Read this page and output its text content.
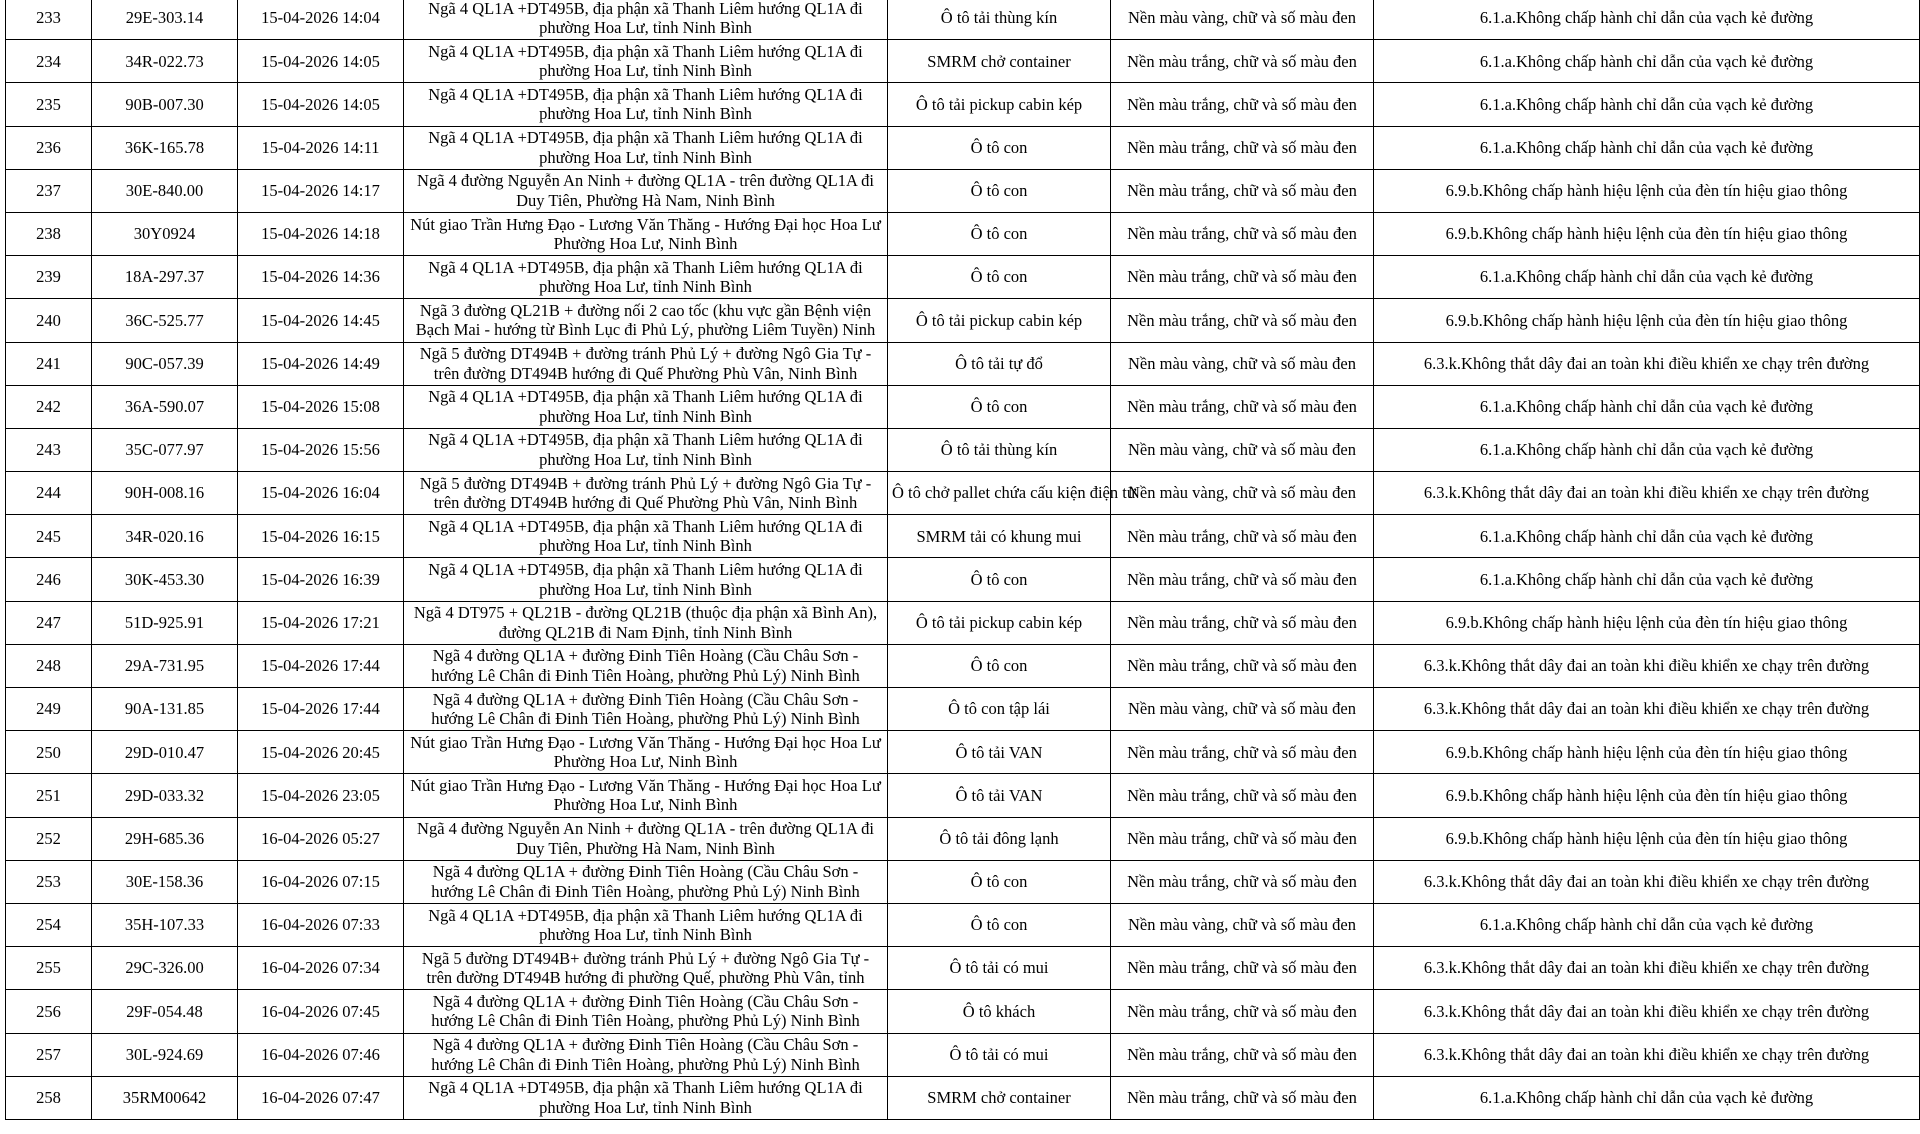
233	29E-303.14	15-04-2026 14:04	Ngã 4 QL1A +DT495B, địa phận xã Thanh Liêm hướng QL1A đi phường Hoa Lư, tỉnh Ninh Bình	Ô tô tải thùng kín	Nền màu vàng, chữ và số màu đen	6.1.a.Không chấp hành chỉ dẫn của vạch kẻ đường
234	34R-022.73	15-04-2026 14:05	Ngã 4 QL1A +DT495B, địa phận xã Thanh Liêm hướng QL1A đi phường Hoa Lư, tỉnh Ninh Bình	SMRM chở container	Nền màu trắng, chữ và số màu đen	6.1.a.Không chấp hành chỉ dẫn của vạch kẻ đường
235	90B-007.30	15-04-2026 14:05	Ngã 4 QL1A +DT495B, địa phận xã Thanh Liêm hướng QL1A đi phường Hoa Lư, tỉnh Ninh Bình	Ô tô tải pickup cabin kép	Nền màu trắng, chữ và số màu đen	6.1.a.Không chấp hành chỉ dẫn của vạch kẻ đường
236	36K-165.78	15-04-2026 14:11	Ngã 4 QL1A +DT495B, địa phận xã Thanh Liêm hướng QL1A đi phường Hoa Lư, tỉnh Ninh Bình	Ô tô con	Nền màu trắng, chữ và số màu đen	6.1.a.Không chấp hành chỉ dẫn của vạch kẻ đường
237	30E-840.00	15-04-2026 14:17	Ngã 4 đường Nguyễn An Ninh + đường QL1A - trên đường QL1A đi Duy Tiên, Phường Hà Nam, Ninh Bình	Ô tô con	Nền màu trắng, chữ và số màu đen	6.9.b.Không chấp hành hiệu lệnh của đèn tín hiệu giao thông
238	30Y0924	15-04-2026 14:18	Nút giao Trần Hưng Đạo - Lương Văn Thăng - Hướng Đại học Hoa Lư Phường Hoa Lư, Ninh Bình	Ô tô con	Nền màu trắng, chữ và số màu đen	6.9.b.Không chấp hành hiệu lệnh của đèn tín hiệu giao thông
239	18A-297.37	15-04-2026 14:36	Ngã 4 QL1A +DT495B, địa phận xã Thanh Liêm hướng QL1A đi phường Hoa Lư, tỉnh Ninh Bình	Ô tô con	Nền màu trắng, chữ và số màu đen	6.1.a.Không chấp hành chỉ dẫn của vạch kẻ đường
240	36C-525.77	15-04-2026 14:45	Ngã 3 đường QL21B + đường nối 2 cao tốc (khu vực gần Bệnh viện Bạch Mai - hướng từ Bình Lục đi Phủ Lý, phường Liêm Tuyền) Ninh	Ô tô tải pickup cabin kép	Nền màu trắng, chữ và số màu đen	6.9.b.Không chấp hành hiệu lệnh của đèn tín hiệu giao thông
241	90C-057.39	15-04-2026 14:49	Ngã 5 đường DT494B + đường tránh Phủ Lý + đường Ngô Gia Tự - trên đường DT494B hướng đi Quế Phường Phù Vân, Ninh Bình	Ô tô tải tự đổ	Nền màu vàng, chữ và số màu đen	6.3.k.Không thắt dây đai an toàn khi điều khiển xe chạy trên đường
242	36A-590.07	15-04-2026 15:08	Ngã 4 QL1A +DT495B, địa phận xã Thanh Liêm hướng QL1A đi phường Hoa Lư, tỉnh Ninh Bình	Ô tô con	Nền màu trắng, chữ và số màu đen	6.1.a.Không chấp hành chỉ dẫn của vạch kẻ đường
243	35C-077.97	15-04-2026 15:56	Ngã 4 QL1A +DT495B, địa phận xã Thanh Liêm hướng QL1A đi phường Hoa Lư, tỉnh Ninh Bình	Ô tô tải thùng kín	Nền màu vàng, chữ và số màu đen	6.1.a.Không chấp hành chỉ dẫn của vạch kẻ đường
244	90H-008.16	15-04-2026 16:04	Ngã 5 đường DT494B + đường tránh Phủ Lý + đường Ngô Gia Tự - trên đường DT494B hướng đi Quế Phường Phù Vân, Ninh Bình	Ô tô chở pallet chứa cấu kiện điện tử	Nền màu vàng, chữ và số màu đen	6.3.k.Không thắt dây đai an toàn khi điều khiển xe chạy trên đường
245	34R-020.16	15-04-2026 16:15	Ngã 4 QL1A +DT495B, địa phận xã Thanh Liêm hướng QL1A đi phường Hoa Lư, tỉnh Ninh Bình	SMRM tải có khung mui	Nền màu trắng, chữ và số màu đen	6.1.a.Không chấp hành chỉ dẫn của vạch kẻ đường
246	30K-453.30	15-04-2026 16:39	Ngã 4 QL1A +DT495B, địa phận xã Thanh Liêm hướng QL1A đi phường Hoa Lư, tỉnh Ninh Bình	Ô tô con	Nền màu trắng, chữ và số màu đen	6.1.a.Không chấp hành chỉ dẫn của vạch kẻ đường
247	51D-925.91	15-04-2026 17:21	Ngã 4 DT975 + QL21B - đường QL21B (thuộc địa phận xã Bình An), đường QL21B đi Nam Định, tỉnh Ninh Bình	Ô tô tải pickup cabin kép	Nền màu trắng, chữ và số màu đen	6.9.b.Không chấp hành hiệu lệnh của đèn tín hiệu giao thông
248	29A-731.95	15-04-2026 17:44	Ngã 4 đường QL1A + đường Đinh Tiên Hoàng (Cầu Châu Sơn - hướng Lê Chân đi Đinh Tiên Hoàng, phường Phủ Lý) Ninh Bình	Ô tô con	Nền màu trắng, chữ và số màu đen	6.3.k.Không thắt dây đai an toàn khi điều khiển xe chạy trên đường
249	90A-131.85	15-04-2026 17:44	Ngã 4 đường QL1A + đường Đinh Tiên Hoàng (Cầu Châu Sơn - hướng Lê Chân đi Đinh Tiên Hoàng, phường Phủ Lý) Ninh Bình	Ô tô con tập lái	Nền màu vàng, chữ và số màu đen	6.3.k.Không thắt dây đai an toàn khi điều khiển xe chạy trên đường
250	29D-010.47	15-04-2026 20:45	Nút giao Trần Hưng Đạo - Lương Văn Thăng - Hướng Đại học Hoa Lư Phường Hoa Lư, Ninh Bình	Ô tô tải VAN	Nền màu trắng, chữ và số màu đen	6.9.b.Không chấp hành hiệu lệnh của đèn tín hiệu giao thông
251	29D-033.32	15-04-2026 23:05	Nút giao Trần Hưng Đạo - Lương Văn Thăng - Hướng Đại học Hoa Lư Phường Hoa Lư, Ninh Bình	Ô tô tải VAN	Nền màu trắng, chữ và số màu đen	6.9.b.Không chấp hành hiệu lệnh của đèn tín hiệu giao thông
252	29H-685.36	16-04-2026 05:27	Ngã 4 đường Nguyễn An Ninh + đường QL1A - trên đường QL1A đi Duy Tiên, Phường Hà Nam, Ninh Bình	Ô tô tải đông lạnh	Nền màu trắng, chữ và số màu đen	6.9.b.Không chấp hành hiệu lệnh của đèn tín hiệu giao thông
253	30E-158.36	16-04-2026 07:15	Ngã 4 đường QL1A + đường Đinh Tiên Hoàng (Cầu Châu Sơn - hướng Lê Chân đi Đinh Tiên Hoàng, phường Phủ Lý) Ninh Bình	Ô tô con	Nền màu trắng, chữ và số màu đen	6.3.k.Không thắt dây đai an toàn khi điều khiển xe chạy trên đường
254	35H-107.33	16-04-2026 07:33	Ngã 4 QL1A +DT495B, địa phận xã Thanh Liêm hướng QL1A đi phường Hoa Lư, tỉnh Ninh Bình	Ô tô con	Nền màu vàng, chữ và số màu đen	6.1.a.Không chấp hành chỉ dẫn của vạch kẻ đường
255	29C-326.00	16-04-2026 07:34	Ngã 5 đường DT494B+ đường tránh Phủ Lý + đường Ngô Gia Tự - trên đường DT494B hướng đi phường Quế, phường Phù Vân, tỉnh	Ô tô tải có mui	Nền màu trắng, chữ và số màu đen	6.3.k.Không thắt dây đai an toàn khi điều khiển xe chạy trên đường
256	29F-054.48	16-04-2026 07:45	Ngã 4 đường QL1A + đường Đinh Tiên Hoàng (Cầu Châu Sơn - hướng Lê Chân đi Đinh Tiên Hoàng, phường Phủ Lý) Ninh Bình	Ô tô khách	Nền màu trắng, chữ và số màu đen	6.3.k.Không thắt dây đai an toàn khi điều khiển xe chạy trên đường
257	30L-924.69	16-04-2026 07:46	Ngã 4 đường QL1A + đường Đinh Tiên Hoàng (Cầu Châu Sơn - hướng Lê Chân đi Đinh Tiên Hoàng, phường Phủ Lý) Ninh Bình	Ô tô tải có mui	Nền màu trắng, chữ và số màu đen	6.3.k.Không thắt dây đai an toàn khi điều khiển xe chạy trên đường
258	35RM00642	16-04-2026 07:47	Ngã 4 QL1A +DT495B, địa phận xã Thanh Liêm hướng QL1A đi phường Hoa Lư, tỉnh Ninh Bình	SMRM chở container	Nền màu trắng, chữ và số màu đen	6.1.a.Không chấp hành chỉ dẫn của vạch kẻ đường
